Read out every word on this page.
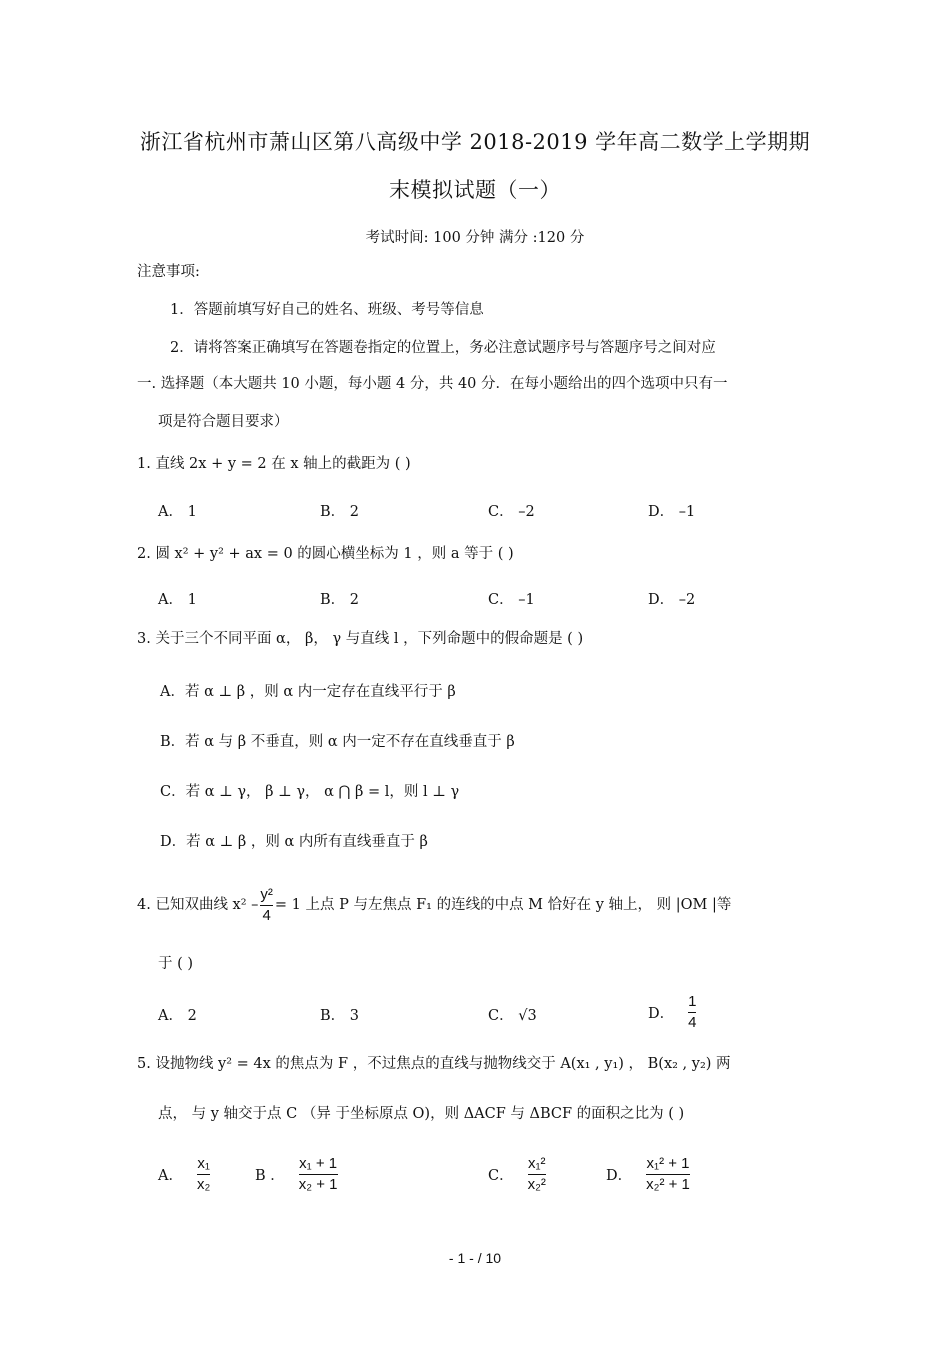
浙江省杭州市萧山区第八高级中学 2018-2019 学年高二数学上学期期
末模拟试题（一）
考试时间: 100 分钟 满分 :120 分
注意事项:
1．答题前填写好自己的姓名、班级、考号等信息
2．请将答案正确填写在答题卷指定的位置上，务必注意试题序号与答题序号之间对应
一. 选择题（本大题共 10 小题，每小题 4 分，共 40 分．在每小题给出的四个选项中只有一
项是符合题目要求）
1. 直线 2x + y = 2 在 x 轴上的截距为 ( )
A． 1	B． 2	C． –2	D． –1
2. 圆 x² + y² + ax = 0 的圆心横坐标为 1 ，则 a 等于 ( )
A． 1	B． 2	C． –1	D． –2
3. 关于三个不同平面 α， β， γ 与直线 l ，下列命题中的假命题是 ( )
A．若 α ⊥ β ，则 α 内一定存在直线平行于 β
B．若 α 与 β 不垂直，则 α 内一定不存在直线垂直于 β
C．若 α ⊥ γ， β ⊥ γ， α ⋂ β = l，则 l ⊥ γ
D．若 α ⊥ β ，则 α 内所有直线垂直于 β
4. 已知双曲线 $x^2 - \frac{\text{y²}}{4} = 1$ 上点 P 与左焦点 F₁ 的连线的中点 M 恰好在 y 轴上， 则 |OM |等
于 ( )
A． 2	B． 3	C． √3	D． $\frac{1}{4}$
5. 设抛物线 y² = 4x 的焦点为 F ，不过焦点的直线与抛物线交于 A(x₁ , y₁) ， B(x₂ , y₂) 两
点， 与 y 轴交于点 C （异 于坐标原点 O)，则 ΔACF 与 ΔBCF 的面积之比为 ( )
A． $\frac{\text{x₁}}{\text{x₂}}$	B ． $\frac{\text{x₁ + 1}}{\text{x₂ + 1}}$	C． $\frac{\text{x₁²}}{\text{x₂²}}$	D． $\frac{\text{x₁² + 1}}{\text{x₂² + 1}}$
- 1 - / 10
